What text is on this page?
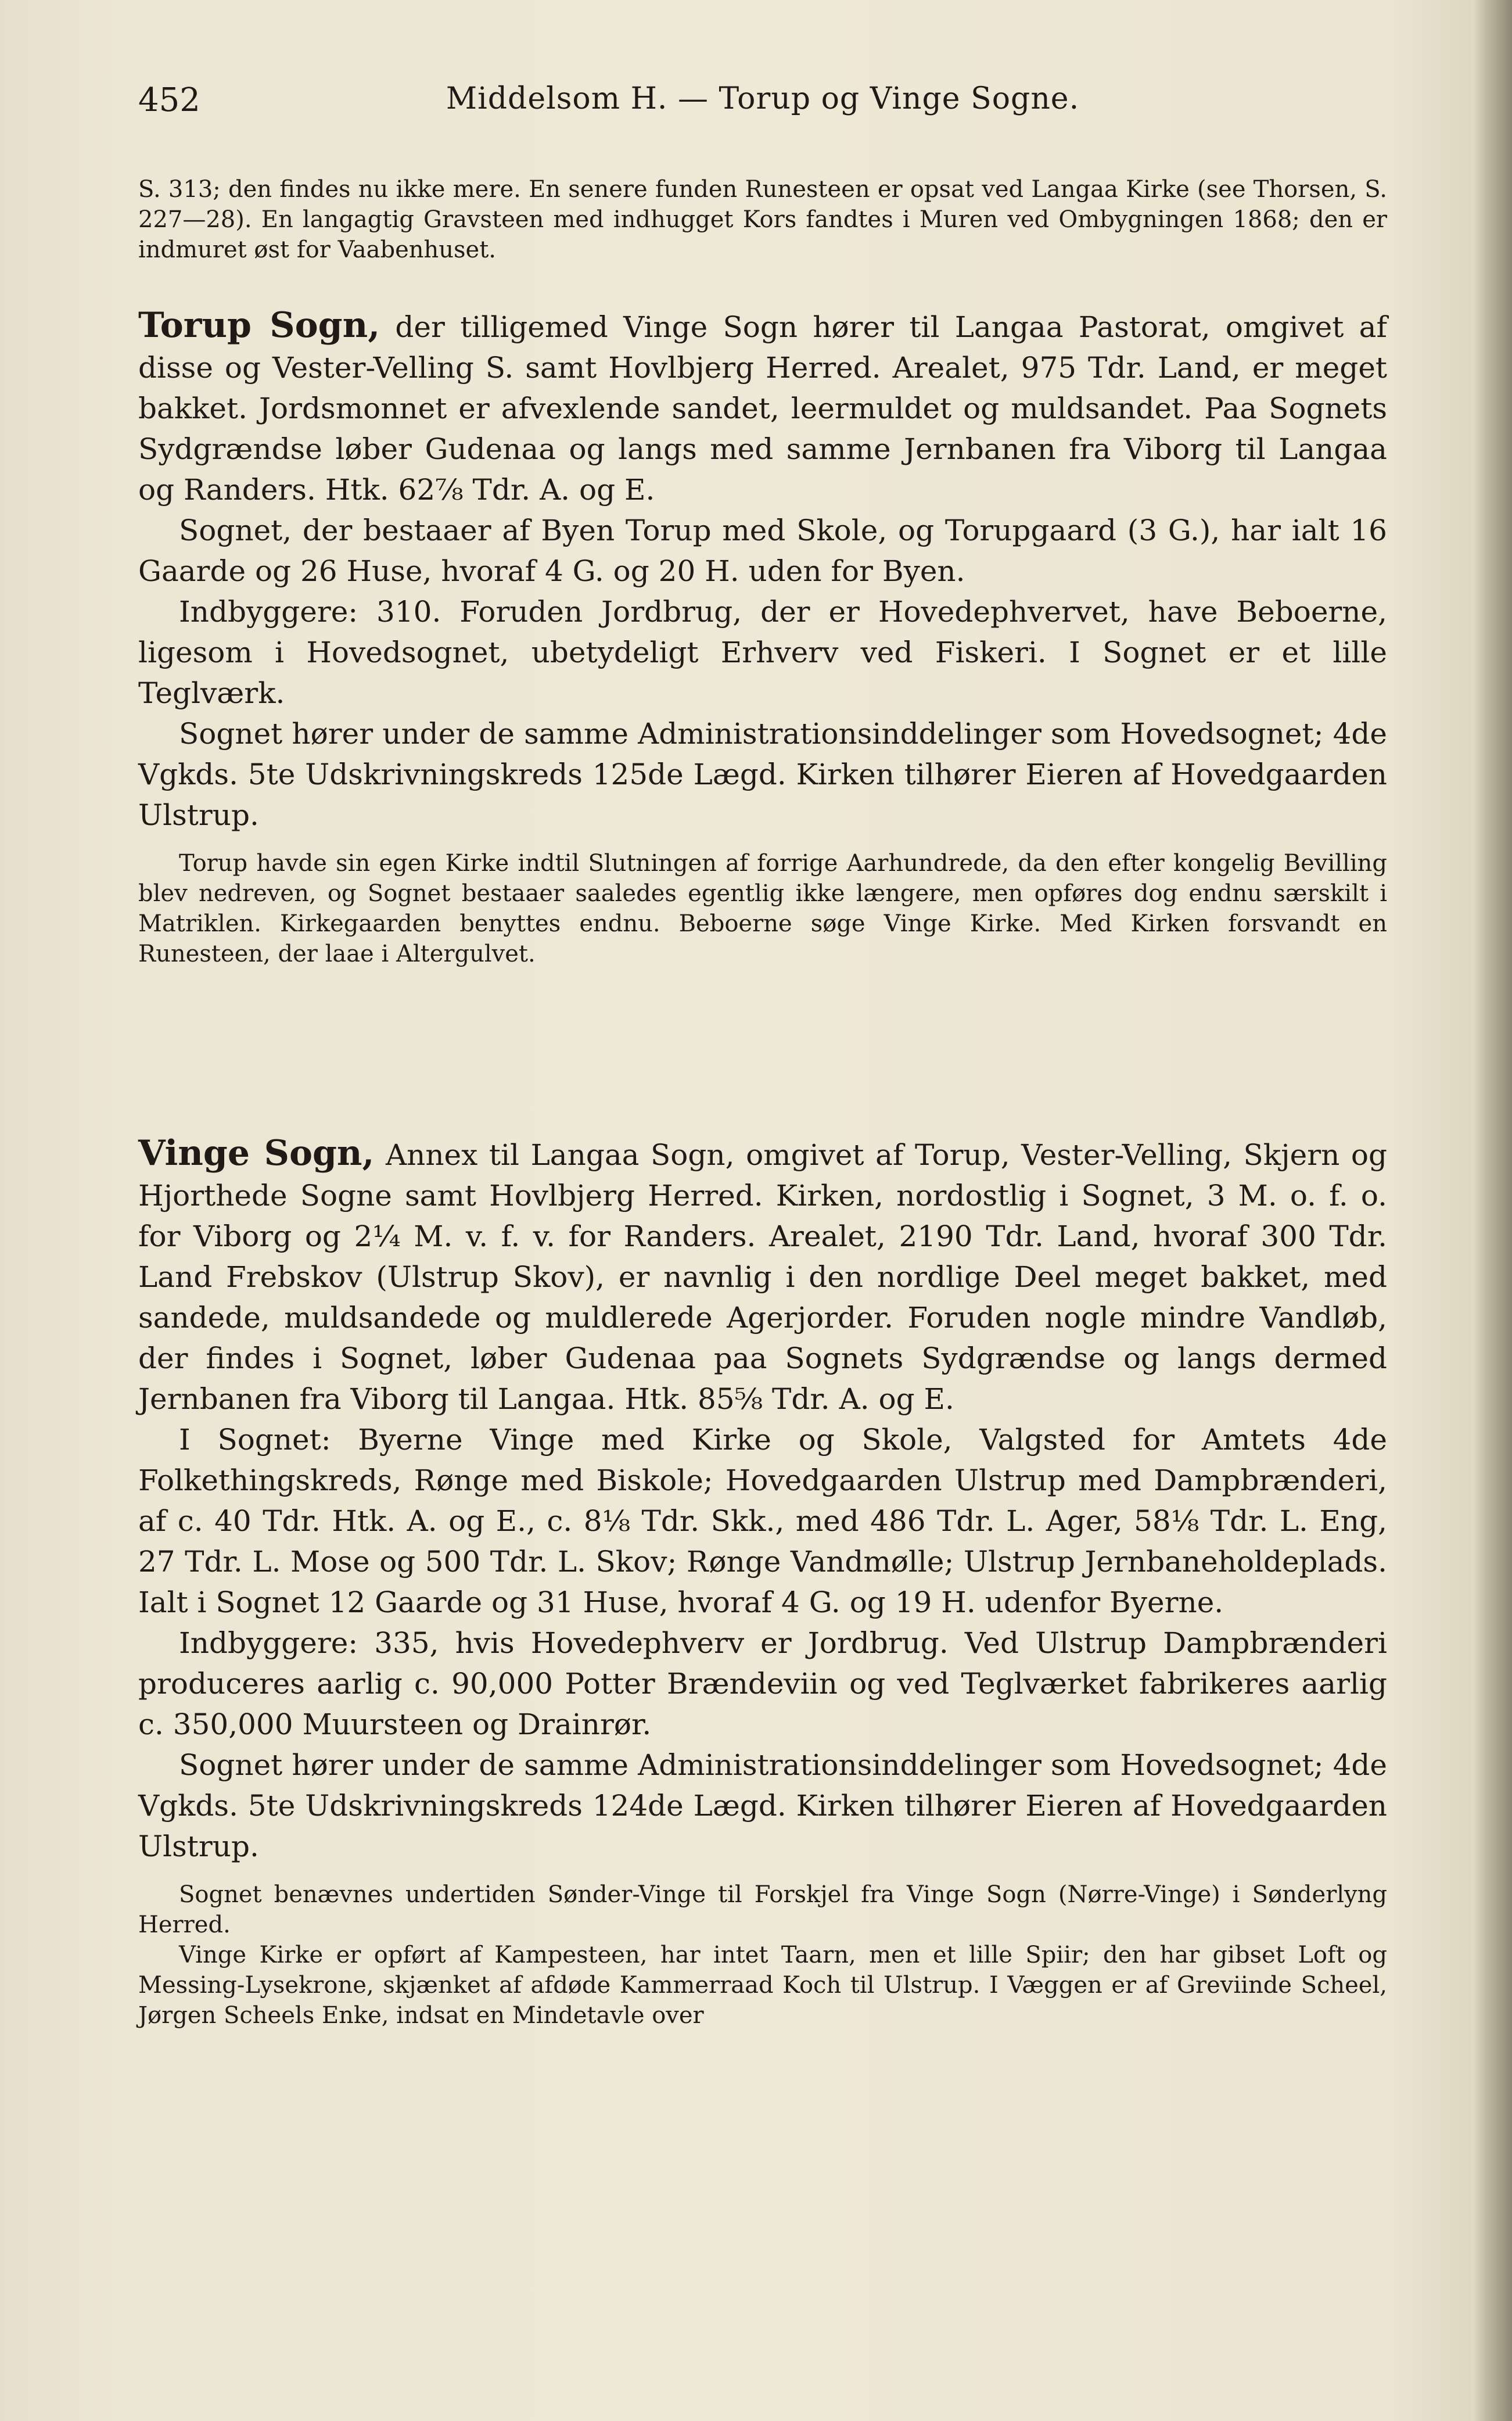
452	Middelsom H. — Torup og Vinge Sogne.

S. 313; den findes nu ikke mere. En senere funden Runesteen er opsat ved Langaa Kirke (see Thorsen, S. 227—28). En langagtig Gravsteen med indhugget Kors fandtes i Muren ved Ombygningen 1868; den er indmuret øst for Vaabenhuset.

Torup Sogn, der tilligemed Vinge Sogn hører til Langaa Pastorat, omgivet af disse og Vester-Velling S. samt Hovlbjerg Herred. Arealet, 975 Tdr. Land, er meget bakket. Jordsmonnet er afvexlende sandet, leermuldet og muldsandet. Paa Sognets Sydgrændse løber Gudenaa og langs med samme Jernbanen fra Viborg til Langaa og Randers. Htk. 62⅞ Tdr. A. og E.

Sognet, der bestaaer af Byen Torup med Skole, og Torupgaard (3 G.), har ialt 16 Gaarde og 26 Huse, hvoraf 4 G. og 20 H. uden for Byen.

Indbyggere: 310. Foruden Jordbrug, der er Hovedерhvervet, have Beboerne, ligesom i Hovedsognet, ubetydeligt Erhverv ved Fiskeri. I Sognet er et lille Teglværk.

Sognet hører under de samme Administrationsinddelinger som Hovedsognet; 4de Vgkds. 5te Udskrivningskreds 125de Lægd. Kirken tilhører Eieren af Hovedgaarden Ulstrup.

Torup havde sin egen Kirke indtil Slutningen af forrige Aarhundrede, da den efter kongelig Bevilling blev nedreven, og Sognet bestaaer saaledes egentlig ikke længere, men opføres dog endnu særskilt i Matriklen. Kirkegaarden benyttes endnu. Beboerne søge Vinge Kirke. Med Kirken forsvandt en Runesteen, der laae i Altergulvet.

Vinge Sogn, Annex til Langaa Sogn, omgivet af Torup, Vester-Velling, Skjern og Hjorthede Sogne samt Hovlbjerg Herred. Kirken, nordostlig i Sognet, 3 M. o. f. o. for Viborg og 2¼ M. v. f. v. for Randers. Arealet, 2190 Tdr. Land, hvoraf 300 Tdr. Land Frebskov (Ulstrup Skov), er navnlig i den nordlige Deel meget bakket, med sandede, muldsandede og muldlerede Agerjorder. Foruden nogle mindre Vandløb, der findes i Sognet, løber Gudenaa paa Sognets Sydgrændse og langs dermed Jernbanen fra Viborg til Langaa. Htk. 85⅝ Tdr. A. og E.

I Sognet: Byerne Vinge med Kirke og Skole, Valgsted for Amtets 4de Folkethingskreds, Rønge med Biskole; Hovedgaarden Ulstrup med Dampbrænderi, af c. 40 Tdr. Htk. A. og E., c. 8⅛ Tdr. Skk., med 486 Tdr. L. Ager, 58⅛ Tdr. L. Eng, 27 Tdr. L. Mose og 500 Tdr. L. Skov; Rønge Vandmølle; Ulstrup Jernbaneholdeplads. Ialt i Sognet 12 Gaarde og 31 Huse, hvoraf 4 G. og 19 H. udenfor Byerne.

Indbyggere: 335, hvis Hovedерhverv er Jordbrug. Ved Ulstrup Dampbrænderi produceres aarlig c. 90,000 Potter Brændeviin og ved Teglværket fabrikeres aarlig c. 350,000 Muursteen og Drainrør.

Sognet hører under de samme Administrationsinddelinger som Hovedsognet; 4de Vgkds. 5te Udskrivningskreds 124de Lægd. Kirken tilhører Eieren af Hovedgaarden Ulstrup.

Sognet benævnes undertiden Sønder-Vinge til Forskjel fra Vinge Sogn (Nørre-Vinge) i Sønderlyng Herred.

Vinge Kirke er opført af Kampesteen, har intet Taarn, men et lille Spiir; den har gibset Loft og Messing-Lysekrone, skjænket af afdøde Kammerraad Koch til Ulstrup. I Væggen er af Greviinde Scheel, Jørgen Scheels Enke, indsat en Mindetavle over
